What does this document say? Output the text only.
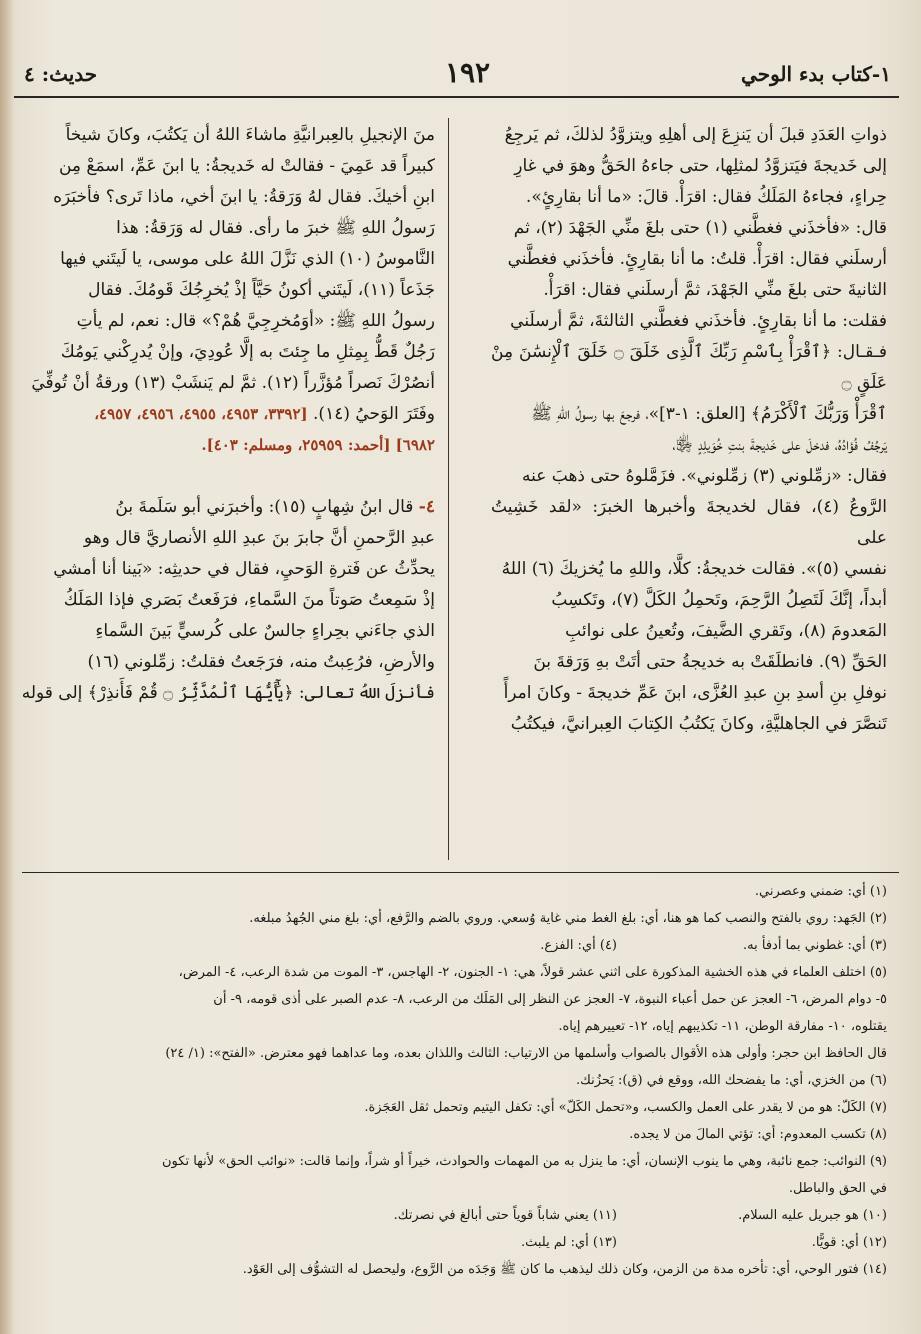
١-كتاب بدء الوحي
١٩٢
حديث: ٤

ذواتِ العَدَدِ قبلَ أن يَنزِعَ إلى أهلِهِ ويتزوَّدُ لذلكَ، ثم يَرجِعُ

إلى خَديجةَ فيَتزوَّدُ لمثلِها، حتى جاءهُ الحَقُّ وهوَ في غارِ

حِراءٍ، فجاءهُ المَلَكُ فقال: اقرَأْ. قالَ: «ما أنا بقارِئٍ».

قال: «فأخذَني فغطَّني (١) حتى بلغَ منِّي الجَهْدَ (٢)، ثم

أرسلَني فقال: اقرَأْ. قلتُ: ما أنا بقارِئٍ. فأخذَني فغطَّني

الثانيةَ حتى بلغَ منِّي الجَهْدَ، ثمَّ أرسلَني فقال: اقرَأْ.

فقلت: ما أنا بقارِئٍ. فأخذَني فغطَّني الثالثةَ، ثمَّ أرسلَني

فـقـال: ﴿ٱقْرَأْ بِٱسْمِ رَبِّكَ ٱلَّذِى خَلَقَ ۝ خَلَقَ ٱلْإِنسَٰنَ مِنْ عَلَقٍ ۝

ٱقْرَأْ وَرَبُّكَ ٱلْأَكْرَمُ﴾ [العلق: ١-٣]»، فرجعَ بها رسولُ اللهِ ﷺ

يَرجُفُ فُؤادُهُ، فدخلَ على خَديجةَ بنتِ خُوَيلِدٍ ﵂،

فقال: «زمِّلوني (٣) زمِّلوني». فزَمَّلوهُ حتى ذهبَ عنه

الرَّوعُ (٤)، فقال لخديجةَ وأخبرها الخبرَ: «لقد خَشِيتُ على

نفسي (٥)». فقالت خديجةُ: كلَّا، واللهِ ما يُخزيكَ (٦) اللهُ

أبداً، إنَّكَ لَتَصِلُ الرَّحِمَ، وتَحمِلُ الكَلَّ (٧)، وتَكسِبُ

المَعدومَ (٨)، وتَقري الضَّيفَ، وتُعينُ على نوائبِ

الحَقِّ (٩). فانطلَقَتْ به خديجةُ حتى أتَتْ بهِ وَرَقةَ بنَ

نوفلِ بنِ أسدِ بنِ عبدِ العُزَّى، ابنَ عَمِّ خديجةَ - وكانَ امرأً

تَنصَّرَ في الجاهليَّةِ، وكانَ يَكتُبُ الكِتابَ العِبرانيَّ، فيكتُبُ

منَ الإنجيلِ بالعِبرانيَّةِ ماشاءَ اللهُ أن يَكتُبَ، وكانَ شيخاً

كبيراً قد عَمِيَ - فقالتْ له خَديجةُ: يا ابنَ عَمِّ، اسمَعْ مِن

ابنِ أخيكَ. فقال لهُ وَرَقةُ: يا ابنَ أخي، ماذا تَرى؟ فأخبَرَه

رَسولُ اللهِ ﷺ خبرَ ما رأى. فقال له وَرَقةُ: هذا

النَّاموسُ (١٠) الذي نَزَّلَ اللهُ على موسى، يا لَيتَني فيها

جَذَعاً (١١)، لَيتَني أكونُ حَيَّاً إذْ يُخرِجُكَ قَومُكَ. فقال

رسولُ اللهِ ﷺ: «أوَمُخرِجِيَّ هُمْ؟» قال: نعم، لم يأتِ

رَجُلٌ قَطُّ بِمِثلِ ما جِئتَ به إلَّا عُودِيَ، وإنْ يُدرِكْني يَومُكَ

أنصُرْكَ نَصراً مُؤزَّراً (١٢). ثمَّ لم يَنشَبْ (١٣) ورقةُ أنْ تُوفِّيَ

وفَتَرَ الوَحيُ (١٤). [٣٣٩٢، ٤٩٥٣، ٤٩٥٥، ٤٩٥٦، ٤٩٥٧،

٦٩٨٢] [أحمد: ٢٥٩٥٩، ومسلم: ٤٠٣].

٤- قال ابنُ شِهابٍ (١٥): وأخبرَني أبو سَلَمةَ بنُ

عبدِ الرَّحمنِ أنَّ جابرَ بنَ عبدِ اللهِ الأنصاريَّ قال وهو

يحدِّثُ عن فَترةِ الوَحيِ، فقال في حديثِه: «بَينا أنا أمشي

إذْ سَمِعتُ صَوتاً منَ السَّماءِ، فرَفَعتُ بَصَري فإذا المَلَكُ

الذي جاءَني بحِراءٍ جالسٌ على كُرسيٍّ بَينَ السَّماءِ

والأرضِ، فرُعِبتُ منه، فرَجَعتُ فقلتُ: زمِّلوني (١٦)

فأنزلَ اللهُ تعالى: ﴿يَٰٓأَيُّهَا ٱلْمُدَّثِّرُ ۝ قُمْ فَأَنذِرْ﴾ إلى قوله

(١) أي: ضمني وعصرني.
(٢) الجَهد: روي بالفتح والنصب كما هو هنا، أي: بلغ الغط مني غاية وُسعي. وروي بالضم والرَّفع، أي: بلغ مني الجُهدُ مبلغه.
(٣) أي: غطوني بما أدفأ به.
(٤) أي: الفزع.
(٥) اختلف العلماء في هذه الخشية المذكورة على اثني عشر قولاً، هي: ١- الجنون، ٢- الهاجس، ٣- الموت من شدة الرعب، ٤- المرض،
٥- دوام المرض، ٦- العجز عن حمل أعباء النبوة، ٧- العجز عن النظر إلى المَلَك من الرعب، ٨- عدم الصبر على أذى قومه، ٩- أن
يقتلوه، ١٠- مفارقة الوطن، ١١- تكذيبهم إياه، ١٢- تعييرهم إياه.
قال الحافظ ابن حجر: وأولى هذه الأقوال بالصواب وأسلمها من الارتياب: الثالث واللذان بعده، وما عداهما فهو معترض. «الفتح»: (١/ ٢٤)
(٦) من الخزي، أي: ما يفضحك الله، ووقع في (ق): يَحزُنك.
(٧) الكَلّ: هو من لا يقدر على العمل والكسب، و«تحمل الكَلّ» أي: تكفل اليتيم وتحمل ثقل العَجَزة.
(٨) تكسب المعدوم: أي: تؤتي المالَ من لا يجده.
(٩) النوائب: جمع نائبة، وهي ما ينوب الإنسان، أي: ما ينزل به من المهمات والحوادث، خيراً أو شراً، وإنما قالت: «نوائب الحق» لأنها تكون
في الحق والباطل.
(١٠) هو جبريل عليه السلام.
(١١) يعني شاباً قوياً حتى أبالغ في نصرتك.
(١٢) أي: قويًّا.
(١٣) أي: لم يلبث.
(١٤) فتور الوحي، أي: تأخره مدة من الزمن، وكان ذلك ليذهب ما كان ﷺ وَجَدَه من الرَّوع، وليحصل له التشوُّف إلى العَوْد.
